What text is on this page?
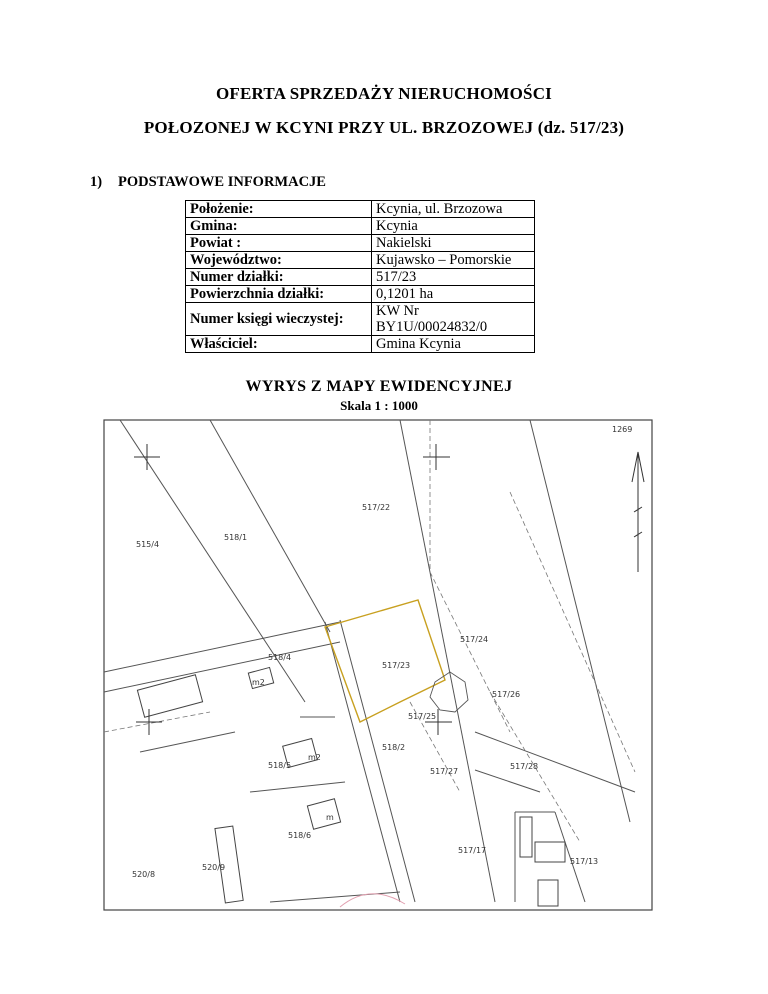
OFERTA SPRZEDAŻY NIERUCHOMOŚCI
POŁOZONEJ W KCYNI PRZY UL. BRZOZOWEJ (dz. 517/23)
1) PODSTAWOWE INFORMACJE
Położenie:	Kcynia, ul. Brzozowa
Gmina:	Kcynia
Powiat :	Nakielski
Województwo:	Kujawsko – Pomorskie
Numer działki:	517/23
Powierzchnia działki:	0,1201 ha
Numer księgi wieczystej:	KW Nr BY1U/00024832/0
Właściciel:	Gmina Kcynia
517/22
517/23
517/24
517/25
517/26
517/27
517/28
517/17
518/1
518/4
518/5
518/6
518/2
515/4
517/13
520/9
520/8
1269
m2
m2
m
WYRYS Z MAPY EWIDENCYJNEJ
Skala 1 : 1000
